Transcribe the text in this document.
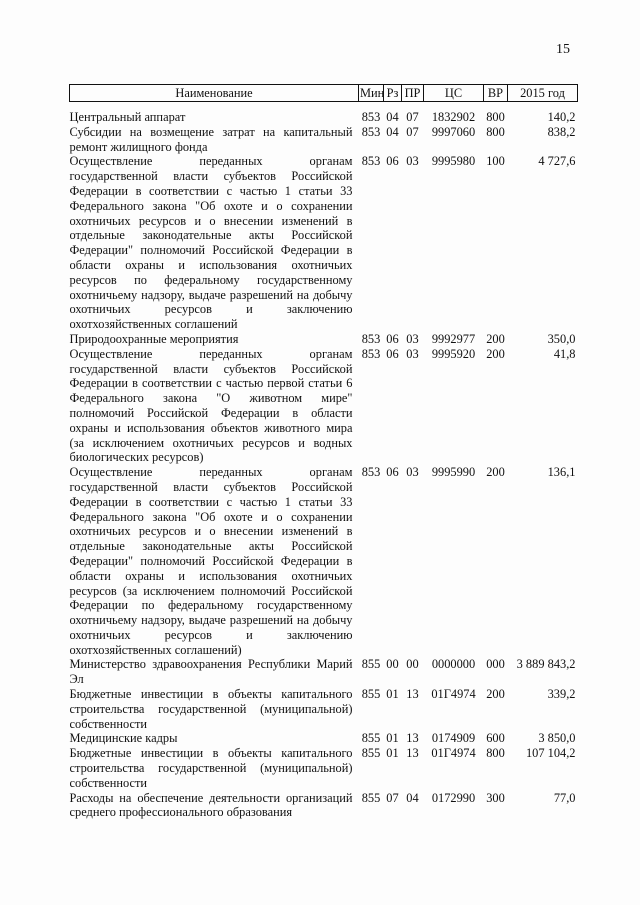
15
Наименование	Мин	Рз	ПР	ЦС	ВР	2015 год

Центральный аппарат	853	04	07	1832902	800	140,2
Субсидии на возмещение затрат на капитальный ремонт жилищного фонда	853	04	07	9997060	800	838,2
Осуществление переданных органам государственной власти субъектов Российской Федерации в соответствии с частью 1 статьи 33 Федерального закона "Об охоте и о сохранении охотничьих ресурсов и о внесении изменений в отдельные законодательные акты Российской Федерации" полномочий Российской Федерации в области охраны и использования охотничьих ресурсов по федеральному государственному охотничьему надзору, выдаче разрешений на добычу охотничьих ресурсов и заключению охотхозяйственных соглашений	853	06	03	9995980	100	4 727,6
Природоохранные мероприятия	853	06	03	9992977	200	350,0
Осуществление переданных органам государственной власти субъектов Российской Федерации в соответствии с частью первой статьи 6 Федерального закона "О животном мире" полномочий Российской Федерации в области охраны и использования объектов животного мира (за исключением охотничьих ресурсов и водных биологических ресурсов)	853	06	03	9995920	200	41,8
Осуществление переданных органам государственной власти субъектов Российской Федерации в соответствии с частью 1 статьи 33 Федерального закона "Об охоте и о сохранении охотничьих ресурсов и о внесении изменений в отдельные законодательные акты Российской Федерации" полномочий Российской Федерации в области охраны и использования охотничьих ресурсов (за исключением полномочий Российской Федерации по федеральному государственному охотничьему надзору, выдаче разрешений на добычу охотничьих ресурсов и заключению охотхозяйственных соглашений)	853	06	03	9995990	200	136,1
Министерство здравоохранения Республики Марий Эл	855	00	00	0000000	000	3 889 843,2
Бюджетные инвестиции в объекты капитального строительства государственной (муниципальной) собственности	855	01	13	01Г4974	200	339,2
Медицинские кадры	855	01	13	0174909	600	3 850,0
Бюджетные инвестиции в объекты капитального строительства государственной (муниципальной) собственности	855	01	13	01Г4974	800	107 104,2
Расходы на обеспечение деятельности организаций среднего профессионального образования	855	07	04	0172990	300	77,0
